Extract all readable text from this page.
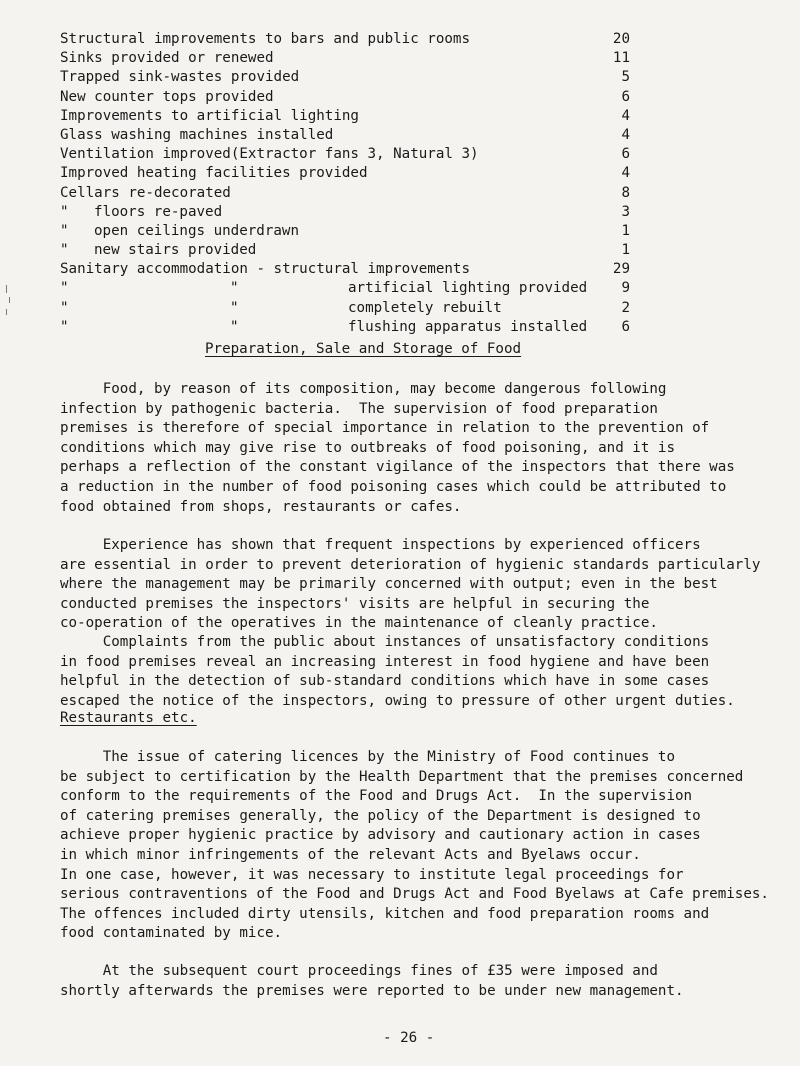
Structural improvements to bars and public rooms	20
Sinks provided or renewed	11
Trapped sink-wastes provided	5
New counter tops provided	6
Improvements to artificial lighting	4
Glass washing machines installed	4
Ventilation improved(Extractor fans 3, Natural 3)	6
Improved heating facilities provided	4
Cellars re-decorated	8
" floors re-paved	3
" open ceilings underdrawn	1
" new stairs provided	1
Sanitary accommodation - structural improvements	29
"	"	artificial lighting provided	9
"	"	completely rebuilt	2
"	"	flushing apparatus installed	6
Preparation, Sale and Storage of Food
Food, by reason of its composition, may become dangerous following
infection by pathogenic bacteria.  The supervision of food preparation
premises is therefore of special importance in relation to the prevention of
conditions which may give rise to outbreaks of food poisoning, and it is
perhaps a reflection of the constant vigilance of the inspectors that there was
a reduction in the number of food poisoning cases which could be attributed to
food obtained from shops, restaurants or cafes.
Experience has shown that frequent inspections by experienced officers
are essential in order to prevent deterioration of hygienic standards particularly
where the management may be primarily concerned with output; even in the best
conducted premises the inspectors' visits are helpful in securing the
co-operation of the operatives in the maintenance of cleanly practice.
Complaints from the public about instances of unsatisfactory conditions
in food premises reveal an increasing interest in food hygiene and have been
helpful in the detection of sub-standard conditions which have in some cases
escaped the notice of the inspectors, owing to pressure of other urgent duties.
Restaurants etc.
The issue of catering licences by the Ministry of Food continues to
be subject to certification by the Health Department that the premises concerned
conform to the requirements of the Food and Drugs Act.  In the supervision
of catering premises generally, the policy of the Department is designed to
achieve proper hygienic practice by advisory and cautionary action in cases
in which minor infringements of the relevant Acts and Byelaws occur.
In one case, however, it was necessary to institute legal proceedings for
serious contraventions of the Food and Drugs Act and Food Byelaws at Cafe premises.
The offences included dirty utensils, kitchen and food preparation rooms and
food contaminated by mice.
At the subsequent court proceedings fines of £35 were imposed and
shortly afterwards the premises were reported to be under new management.
- 26 -
